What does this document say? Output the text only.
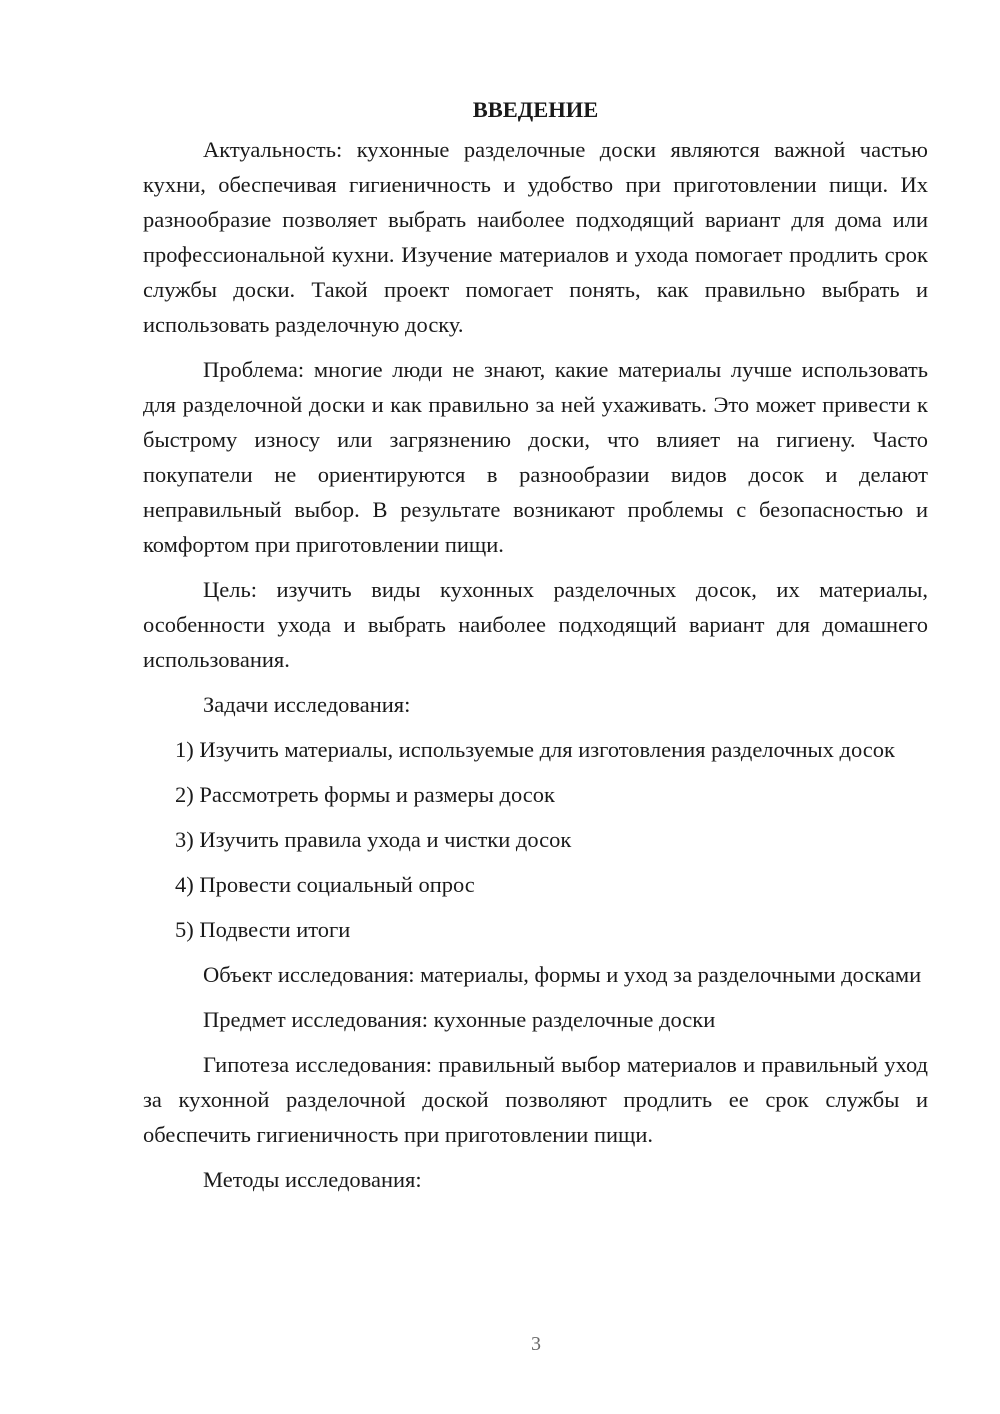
ВВЕДЕНИЕ
Актуальность: кухонные разделочные доски являются важной частью кухни, обеспечивая гигиеничность и удобство при приготовлении пищи. Их разнообразие позволяет выбрать наиболее подходящий вариант для дома или профессиональной кухни. Изучение материалов и ухода помогает продлить срок службы доски. Такой проект помогает понять, как правильно выбрать и использовать разделочную доску.
Проблема: многие люди не знают, какие материалы лучше использовать для разделочной доски и как правильно за ней ухаживать. Это может привести к быстрому износу или загрязнению доски, что влияет на гигиену. Часто покупатели не ориентируются в разнообразии видов досок и делают неправильный выбор. В результате возникают проблемы с безопасностью и комфортом при приготовлении пищи.
Цель: изучить виды кухонных разделочных досок, их материалы, особенности ухода и выбрать наиболее подходящий вариант для домашнего использования.
Задачи исследования:
1) Изучить материалы, используемые для изготовления разделочных досок
2) Рассмотреть формы и размеры досок
3) Изучить правила ухода и чистки досок
4) Провести социальный опрос
5) Подвести итоги
Объект исследования: материалы, формы и уход за разделочными досками
Предмет исследования: кухонные разделочные доски
Гипотеза исследования: правильный выбор материалов и правильный уход за кухонной разделочной доской позволяют продлить ее срок службы и обеспечить гигиеничность при приготовлении пищи.
Методы исследования:
3
